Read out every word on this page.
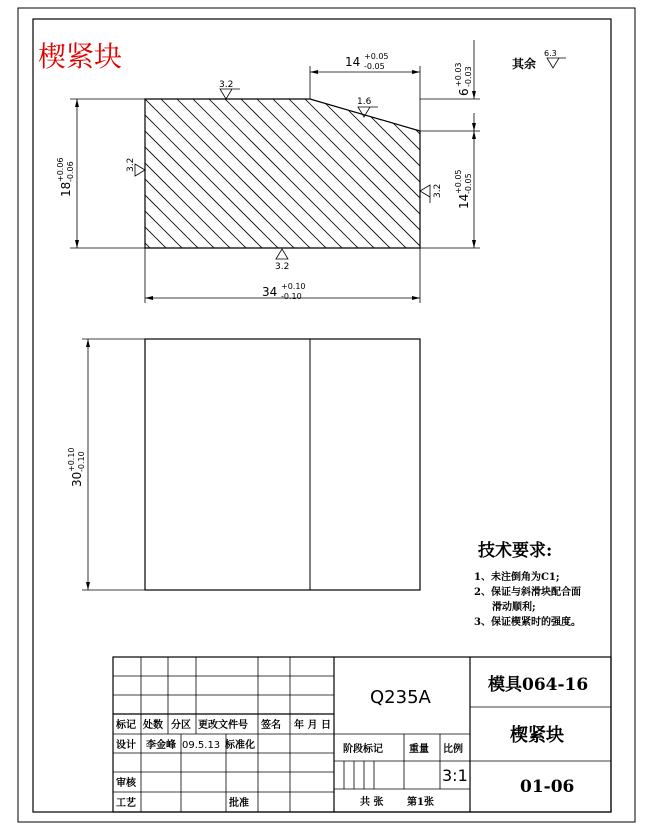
楔紧块	14 +0.05
-0.05
6
+0.03 -0.03
18
+0.06 -0.06
14
+0.05 -0.05
34 +0.10
-0.10
3.2
1.6
3.2
3.2
3.2
其余
6.3
30
+0.10 -0.10
技术要求:
1、未注倒角为C1;
2、保证与斜滑块配合面
滑动顺利;
3、保证楔紧时的强度。
标记 处数 分区 更改文件号 签名 年 月 日
设计 李金峰 09.5.13 标准化
审核
工艺	批准
Q235A
阶段标记	重量 比例
3:1
共 张 第1张
模具064-16
楔紧块
01-06
